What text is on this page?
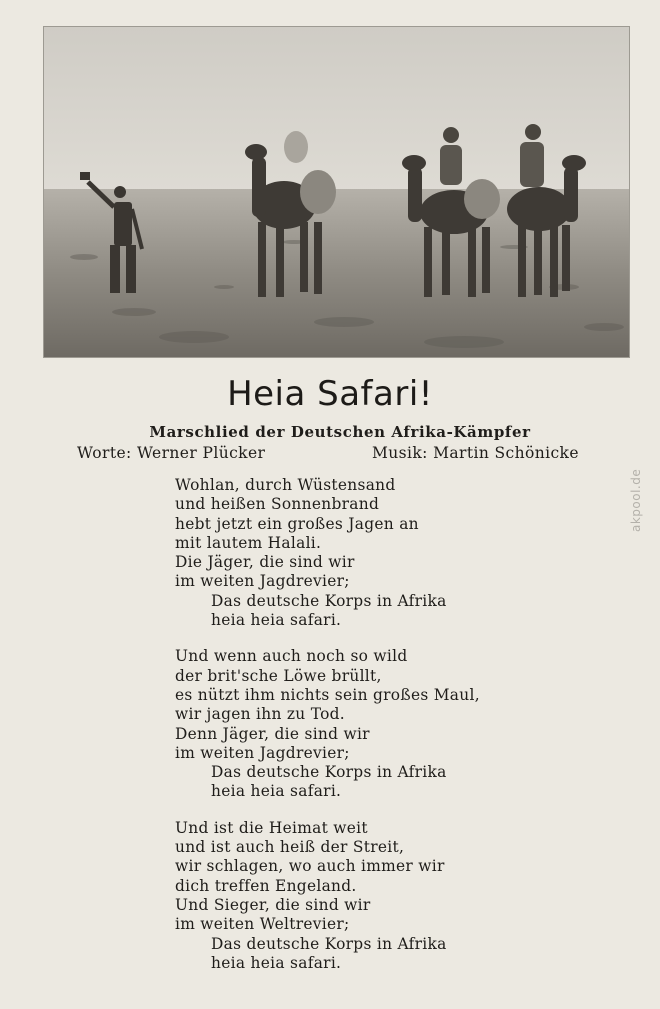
Heia Safari!
Marschlied der Deutschen Afrika-Kämpfer
Worte: Werner Plücker	Musik: Martin Schönicke
Wohlan, durch Wüstensand
und heißen Sonnenbrand
hebt jetzt ein großes Jagen an
mit lautem Halali.
Die Jäger, die sind wir
im weiten Jagdrevier;
Das deutsche Korps in Afrika
heia heia safari.
Und wenn auch noch so wild
der brit'sche Löwe brüllt,
es nützt ihm nichts sein großes Maul,
wir jagen ihn zu Tod.
Denn Jäger, die sind wir
im weiten Jagdrevier;
Das deutsche Korps in Afrika
heia heia safari.
Und ist die Heimat weit
und ist auch heiß der Streit,
wir schlagen, wo auch immer wir
dich treffen Engeland.
Und Sieger, die sind wir
im weiten Weltrevier;
Das deutsche Korps in Afrika
heia heia safari.
akpool.de
